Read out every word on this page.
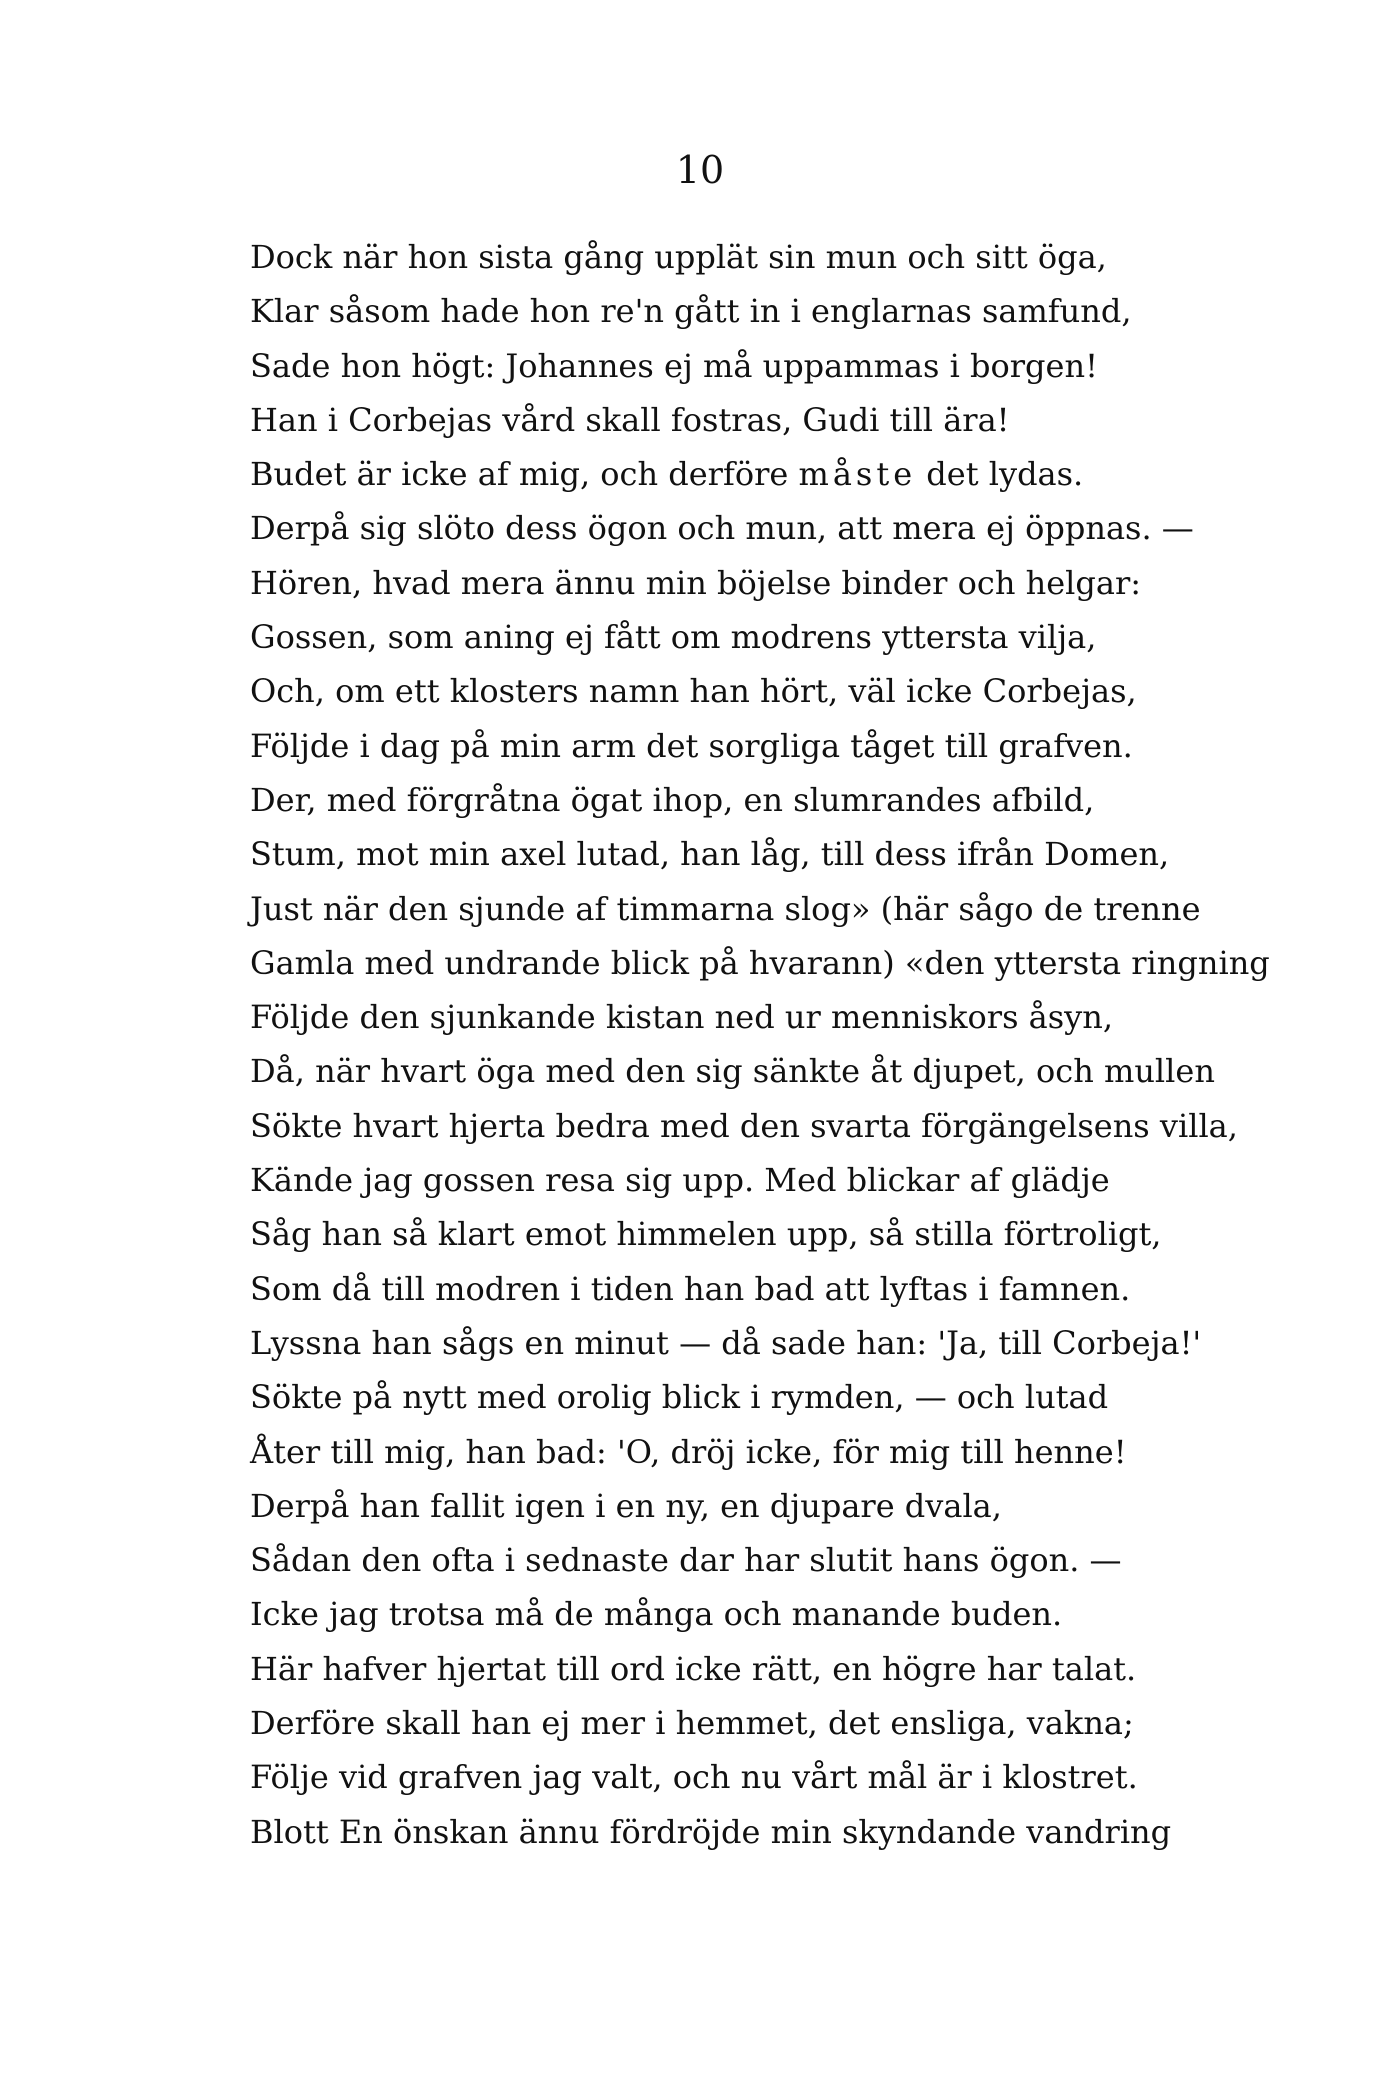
10

Dock när hon sista gång upplät sin mun och sitt öga,
Klar såsom hade hon re'n gått in i englarnas samfund,
Sade hon högt: Johannes ej må uppammas i borgen!
Han i Corbejas vård skall fostras, Gudi till ära!
Budet är icke af mig, och derföre måste det lydas.
Derpå sig slöto dess ögon och mun, att mera ej öppnas. —
Hören, hvad mera ännu min böjelse binder och helgar:
Gossen, som aning ej fått om modrens yttersta vilja,
Och, om ett klosters namn han hört, väl icke Corbejas,
Följde i dag på min arm det sorgliga tåget till grafven.
Der, med förgråtna ögat ihop, en slumrandes afbild,
Stum, mot min axel lutad, han låg, till dess ifrån Domen,
Just när den sjunde af timmarna slog» (här sågo de trenne
Gamla med undrande blick på hvarann) «den yttersta ringning
Följde den sjunkande kistan ned ur menniskors åsyn,
Då, när hvart öga med den sig sänkte åt djupet, och mullen
Sökte hvart hjerta bedra med den svarta förgängelsens villa,
Kände jag gossen resa sig upp. Med blickar af glädje
Såg han så klart emot himmelen upp, så stilla förtroligt,
Som då till modren i tiden han bad att lyftas i famnen.
Lyssna han sågs en minut — då sade han: 'Ja, till Corbeja!'
Sökte på nytt med orolig blick i rymden, — och lutad
Åter till mig, han bad: 'O, dröj icke, för mig till henne!
Derpå han fallit igen i en ny, en djupare dvala,
Sådan den ofta i sednaste dar har slutit hans ögon. —
Icke jag trotsa må de många och manande buden.
Här hafver hjertat till ord icke rätt, en högre har talat.
Derföre skall han ej mer i hemmet, det ensliga, vakna;
Följe vid grafven jag valt, och nu vårt mål är i klostret.
Blott En önskan ännu fördröjde min skyndande vandring
